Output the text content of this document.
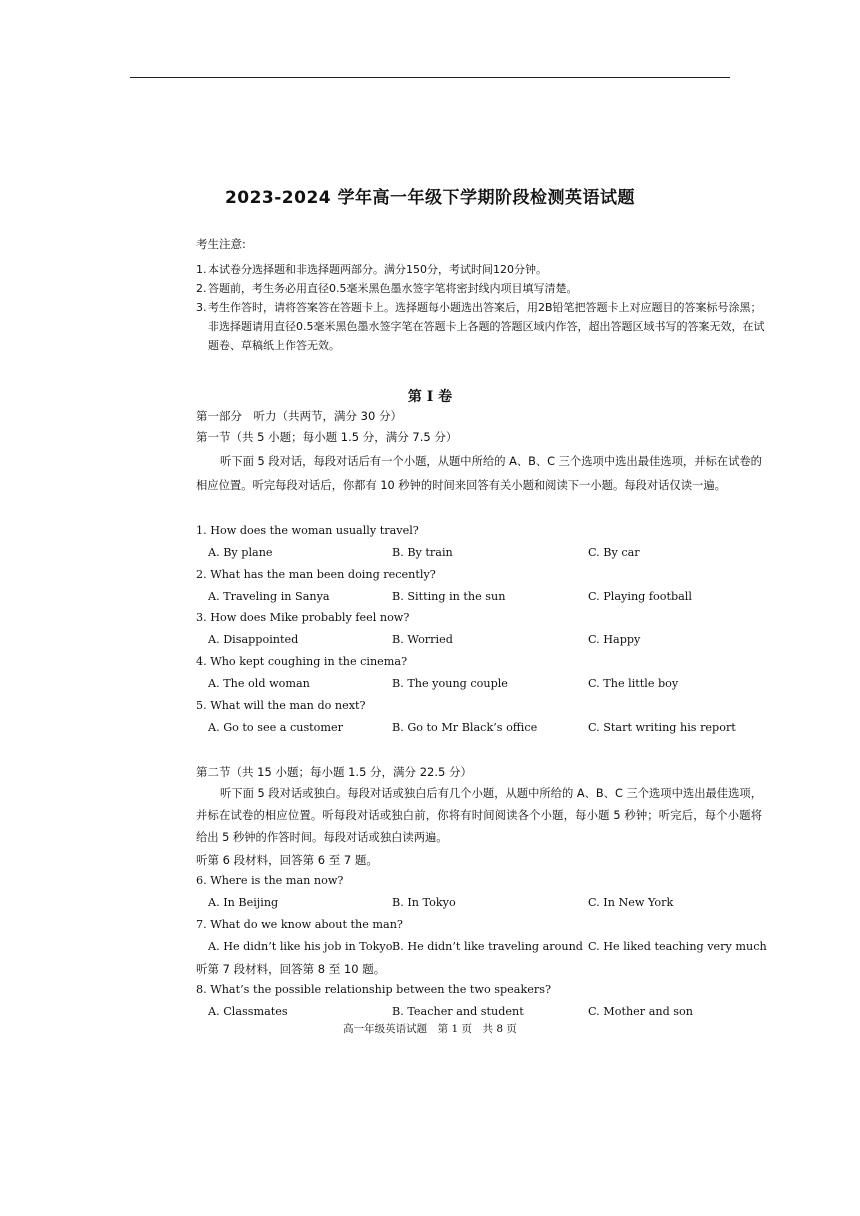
2023-2024 学年高一年级下学期阶段检测英语试题
考生注意:
1. 本试卷分选择题和非选择题两部分。满分150分，考试时间120分钟。
2. 答题前，考生务必用直径0.5毫米黑色墨水签字笔将密封线内项目填写清楚。
3. 考生作答时，请将答案答在答题卡上。选择题每小题选出答案后，用2B铅笔把答题卡上对应题目的答案标号涂黑；非选择题请用直径0.5毫米黑色墨水签字笔在答题卡上各题的答题区域内作答，超出答题区域书写的答案无效，在试题卷、草稿纸上作答无效。
第 I 卷
第一部分　听力（共两节，满分 30 分）
第一节（共 5 小题；每小题 1.5 分，满分 7.5 分）
听下面 5 段对话，每段对话后有一个小题，从题中所给的 A、B、C 三个选项中选出最佳选项，并标在试卷的相应位置。听完每段对话后，你都有 10 秒钟的时间来回答有关小题和阅读下一小题。每段对话仅读一遍。
1. How does the woman usually travel?
A. By plane	B. By train	C. By car
2. What has the man been doing recently?
A. Traveling in Sanya	B. Sitting in the sun	C. Playing football
3. How does Mike probably feel now?
A. Disappointed	B. Worried	C. Happy
4. Who kept coughing in the cinema?
A. The old woman	B. The young couple	C. The little boy
5. What will the man do next?
A. Go to see a customer	B. Go to Mr Black’s office	C. Start writing his report
第二节（共 15 小题；每小题 1.5 分，满分 22.5 分）
听下面 5 段对话或独白。每段对话或独白后有几个小题，从题中所给的 A、B、C 三个选项中选出最佳选项，并标在试卷的相应位置。听每段对话或独白前，你将有时间阅读各个小题，每小题 5 秒钟；听完后，每个小题将给出 5 秒钟的作答时间。每段对话或独白读两遍。
听第 6 段材料，回答第 6 至 7 题。
6. Where is the man now?
A. In Beijing	B. In Tokyo	C. In New York
7. What do we know about the man?
A. He didn’t like his job in Tokyo B. He didn’t like traveling around C. He liked teaching very much
听第 7 段材料，回答第 8 至 10 题。
8. What’s the possible relationship between the two speakers?
A. Classmates	B. Teacher and student	C. Mother and son
高一年级英语试题　第 1 页　共 8 页
